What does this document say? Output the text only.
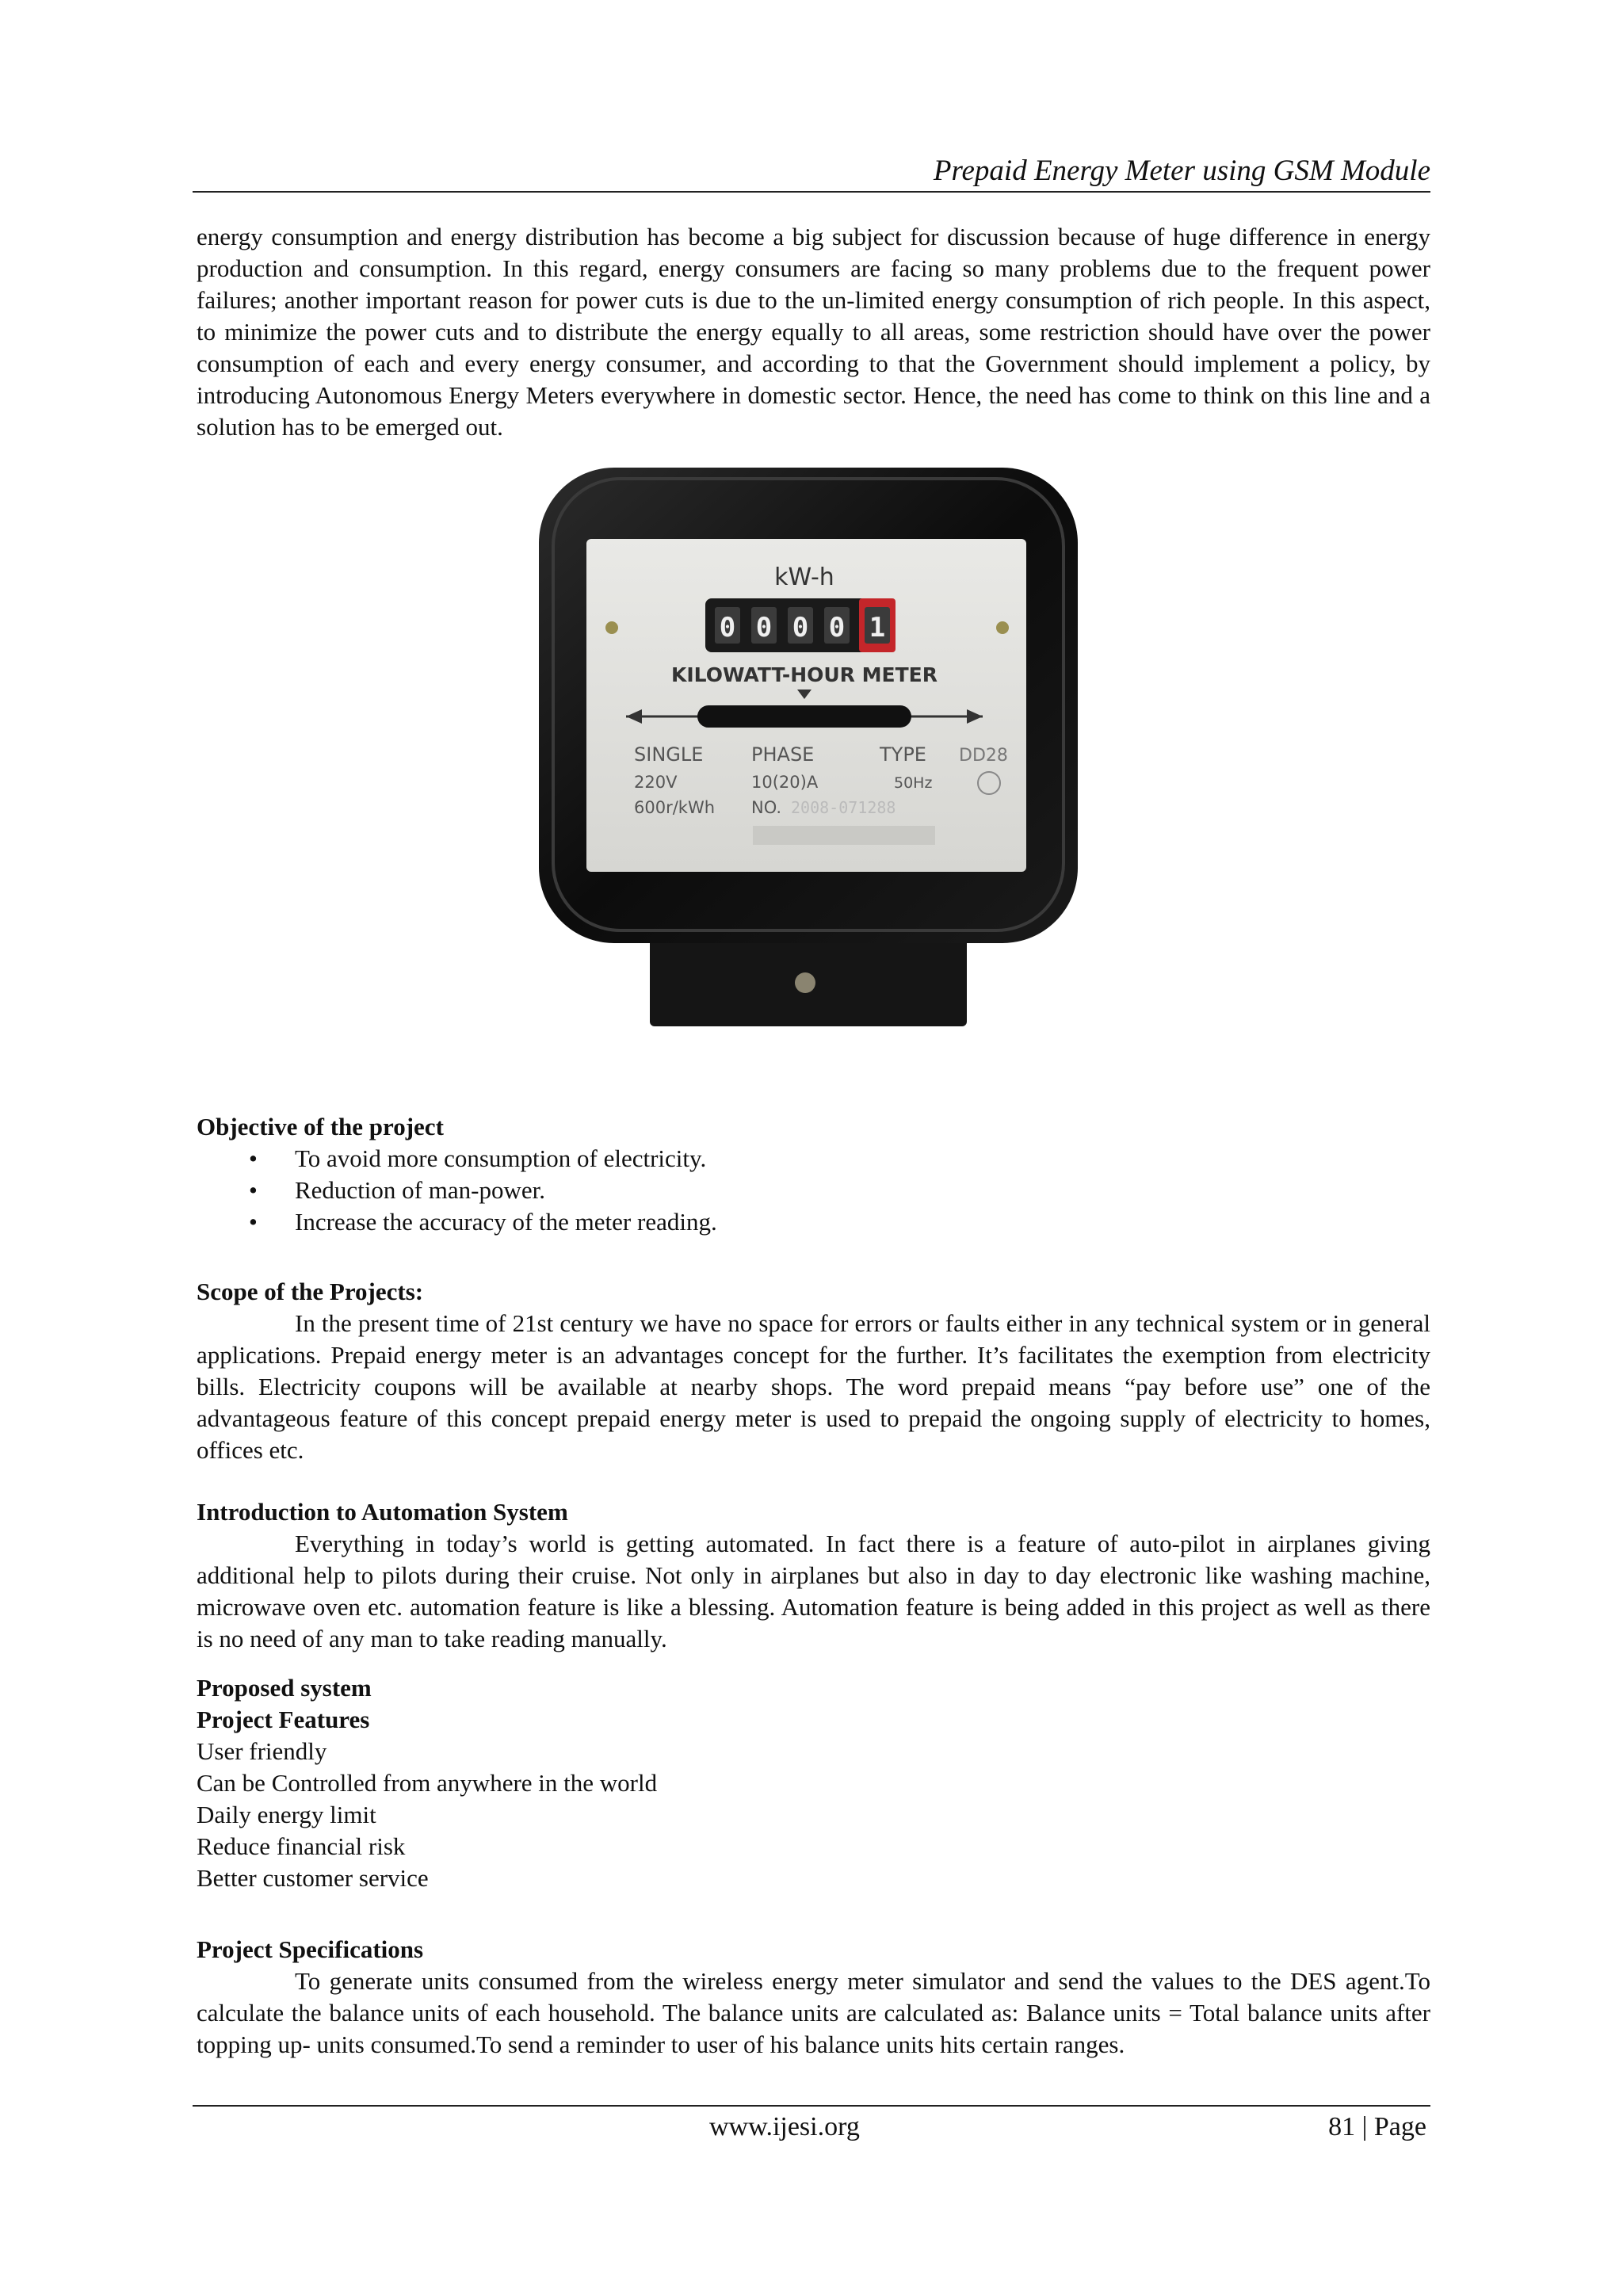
Prepaid Energy Meter using GSM Module

energy consumption and energy distribution has become a big subject for discussion because of huge difference in energy production and consumption. In this regard, energy consumers are facing so many problems due to the frequent power failures; another important reason for power cuts is due to the un-limited energy consumption of rich people. In this aspect, to minimize the power cuts and to distribute the energy equally to all areas, some restriction should have over the power consumption of each and every energy consumer, and according to that the Government should implement a policy, by introducing Autonomous Energy Meters everywhere in domestic sector. Hence, the need has come to think on this line and a solution has to be emerged out.

kW-h
0 0 0 0 1
KILOWATT-HOUR METER
SINGLE	PHASE	TYPE DD28
220V	10(20)A	50Hz
600r/kWh NO. 2008-071288
Objective of the project
• To avoid more consumption of electricity.
• Reduction of man-power.
• Increase the accuracy of the meter reading.
Scope of the Projects:

In the present time of 21st century we have no space for errors or faults either in any technical system or in general applications. Prepaid energy meter is an advantages concept for the further. It’s facilitates the exemption from electricity bills. Electricity coupons will be available at nearby shops. The word prepaid means “pay before use” one of the advantageous feature of this concept prepaid energy meter is used to prepaid the ongoing supply of electricity to homes, offices etc.

Introduction to Automation System

Everything in today’s world is getting automated. In fact there is a feature of auto-pilot in airplanes giving additional help to pilots during their cruise. Not only in airplanes but also in day to day electronic like washing machine, microwave oven etc. automation feature is like a blessing. Automation feature is being added in this project as well as there is no need of any man to take reading manually.

Proposed system
Project Features
User friendly
Can be Controlled from anywhere in the world
Daily energy limit
Reduce financial risk
Better customer service
Project Specifications

To generate units consumed from the wireless energy meter simulator and send the values to the DES agent.To calculate the balance units of each household. The balance units are calculated as: Balance units = Total balance units after topping up- units consumed.To send a reminder to user of his balance units hits certain ranges.

www.ijesi.org	81 | Page
